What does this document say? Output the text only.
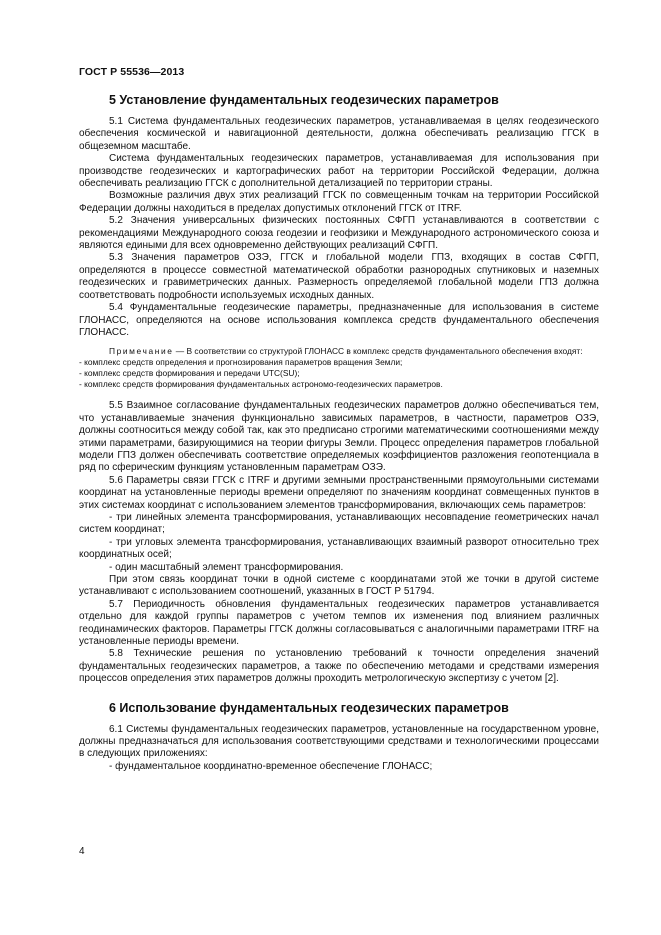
ГОСТ Р 55536—2013
5 Установление фундаментальных геодезических параметров

5.1 Система фундаментальных геодезических параметров, устанавливаемая в целях геодезического обеспечения космической и навигационной деятельности, должна обеспечивать реализацию ГГСК в общеземном масштабе.

Система фундаментальных геодезических параметров, устанавливаемая для использования при производстве геодезических и картографических работ на территории Российской Федерации, должна обеспечивать реализацию ГГСК с дополнительной детализацией по территории страны.

Возможные различия двух этих реализаций ГГСК по совмещенным точкам на территории Российской Федерации должны находиться в пределах допустимых отклонений ГГСК от ITRF.

5.2 Значения универсальных физических постоянных СФГП устанавливаются в соответствии с рекомендациями Международного союза геодезии и геофизики и Международного астрономического союза и являются едиными для всех одновременно действующих реализаций СФГП.

5.3 Значения параметров ОЗЭ, ГГСК и глобальной модели ГПЗ, входящих в состав СФГП, определяются в процессе совместной математической обработки разнородных спутниковых и наземных геодезических и гравиметрических данных. Размерность определяемой глобальной модели ГПЗ должна соответствовать подробности используемых исходных данных.

5.4 Фундаментальные геодезические параметры, предназначенные для использования в системе ГЛОНАСС, определяются на основе использования комплекса средств фундаментального обеспечения ГЛОНАСС.

Примечание — В соответствии со структурой ГЛОНАСС в комплекс средств фундаментального обеспечения входят:
- комплекс средств определения и прогнозирования параметров вращения Земли;
- комплекс средств формирования и передачи UTC(SU);
- комплекс средств формирования фундаментальных астрономо-геодезических параметров.

5.5 Взаимное согласование фундаментальных геодезических параметров должно обеспечиваться тем, что устанавливаемые значения функционально зависимых параметров, в частности, параметров ОЗЭ, должны соотноситься между собой так, как это предписано строгими математическими соотношениями между этими параметрами, базирующимися на теории фигуры Земли. Процесс определения параметров глобальной модели ГПЗ должен обеспечивать соответствие определяемых коэффициентов разложения геопотенциала в ряд по сферическим функциям установленным параметрам ОЗЭ.

5.6 Параметры связи ГГСК с ITRF и другими земными пространственными прямоугольными системами координат на установленные периоды времени определяют по значениям координат совмещенных пунктов в этих системах координат с использованием элементов трансформирования, включающих семь параметров:

- три линейных элемента трансформирования, устанавливающих несовпадение геометрических начал систем координат;

- три угловых элемента трансформирования, устанавливающих взаимный разворот относительно трех координатных осей;

- один масштабный элемент трансформирования.

При этом связь координат точки в одной системе с координатами этой же точки в другой системе устанавливают с использованием соотношений, указанных в ГОСТ Р 51794.

5.7 Периодичность обновления фундаментальных геодезических параметров устанавливается отдельно для каждой группы параметров с учетом темпов их изменения под влиянием различных геодинамических факторов. Параметры ГГСК должны согласовываться с аналогичными параметрами ITRF на установленные периоды времени.

5.8 Технические решения по установлению требований к точности определения значений фундаментальных геодезических параметров, а также по обеспечению методами и средствами измерения процессов определения этих параметров должны проходить метрологическую экспертизу с учетом [2].

6 Использование фундаментальных геодезических параметров

6.1 Системы фундаментальных геодезических параметров, установленные на государственном уровне, должны предназначаться для использования соответствующими средствами и технологическими процессами в следующих приложениях:

- фундаментальное координатно-временное обеспечение ГЛОНАСС;

4
